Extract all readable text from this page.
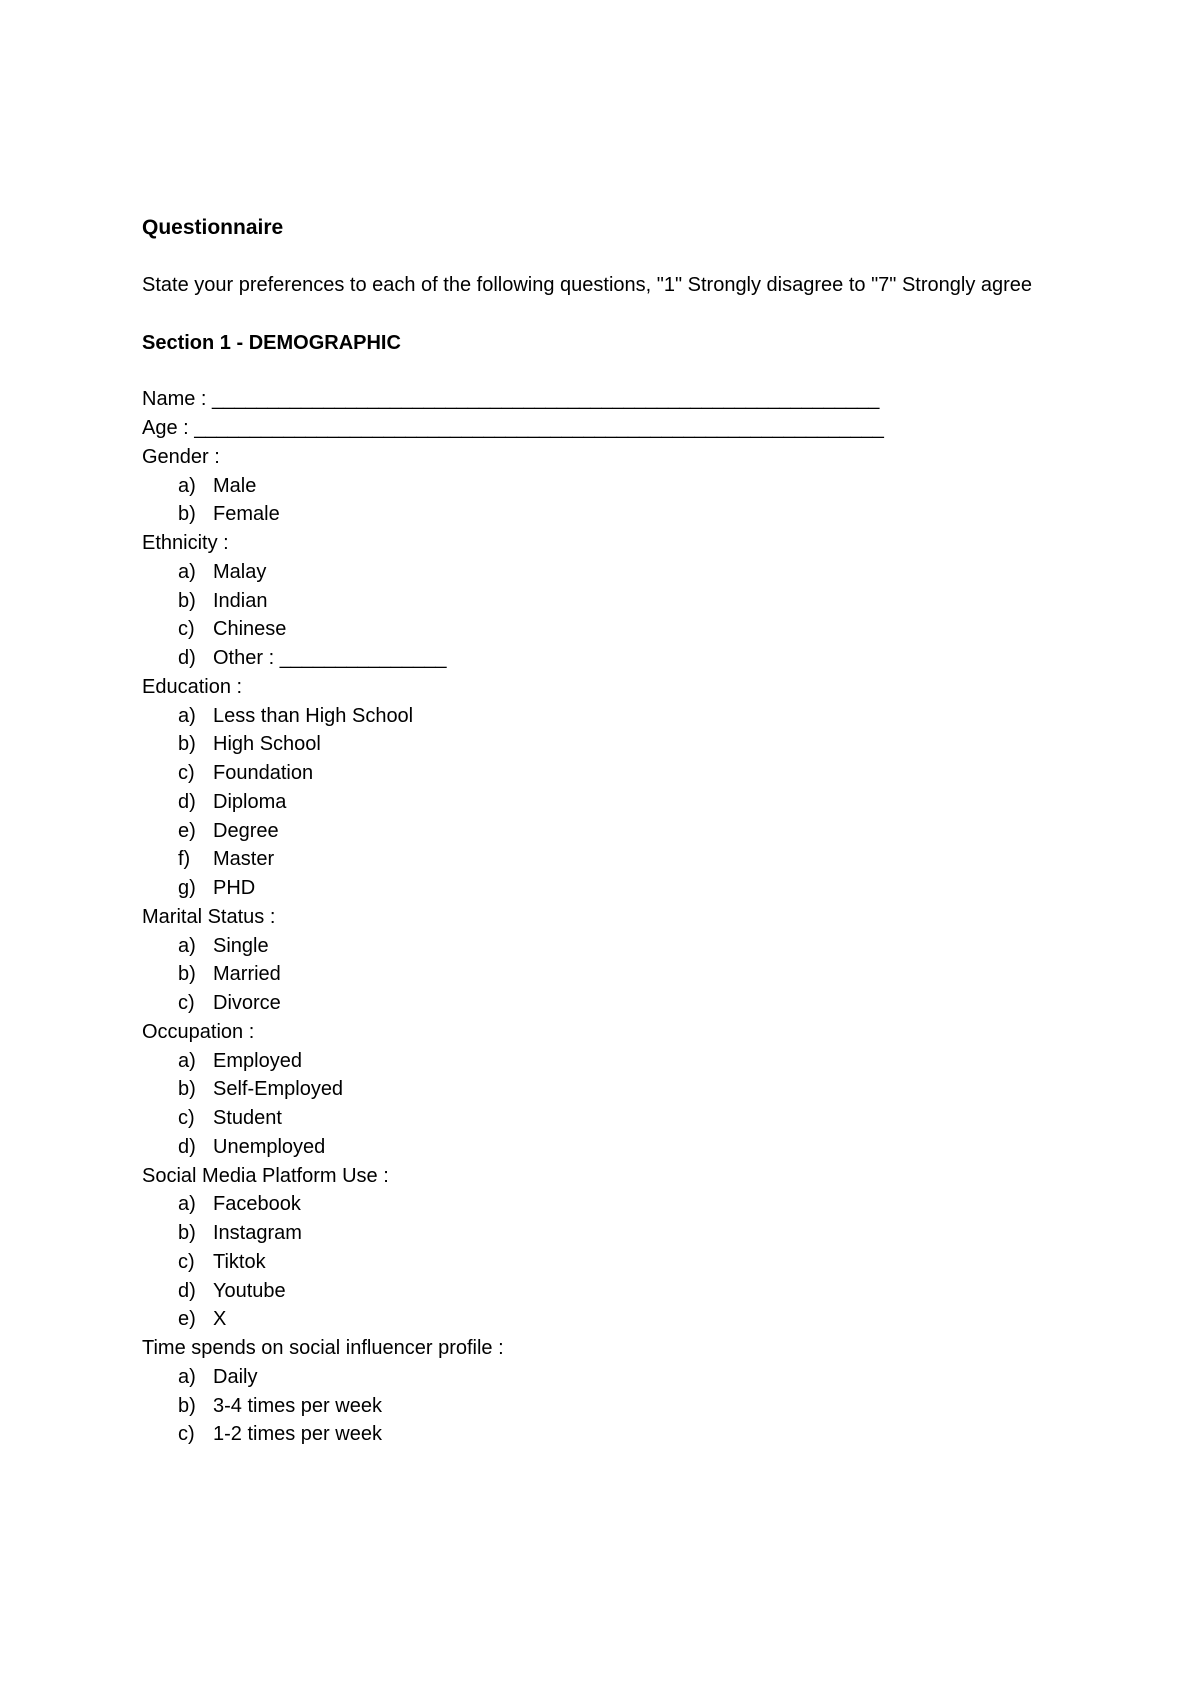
Questionnaire
State your preferences to each of the following questions, "1" Strongly disagree to "7" Strongly agree
Section 1 - DEMOGRAPHIC
Name : ____________________________________________________________
Age : ______________________________________________________________
Gender :
a) Male
b) Female
Ethnicity :
a) Malay
b) Indian
c) Chinese
d) Other : _______________
Education :
a) Less than High School
b) High School
c) Foundation
d) Diploma
e) Degree
f) Master
g) PHD
Marital Status :
a) Single
b) Married
c) Divorce
Occupation :
a) Employed
b) Self-Employed
c) Student
d) Unemployed
Social Media Platform Use :
a) Facebook
b) Instagram
c) Tiktok
d) Youtube
e) X
Time spends on social influencer profile :
a) Daily
b) 3-4 times per week
c) 1-2 times per week
